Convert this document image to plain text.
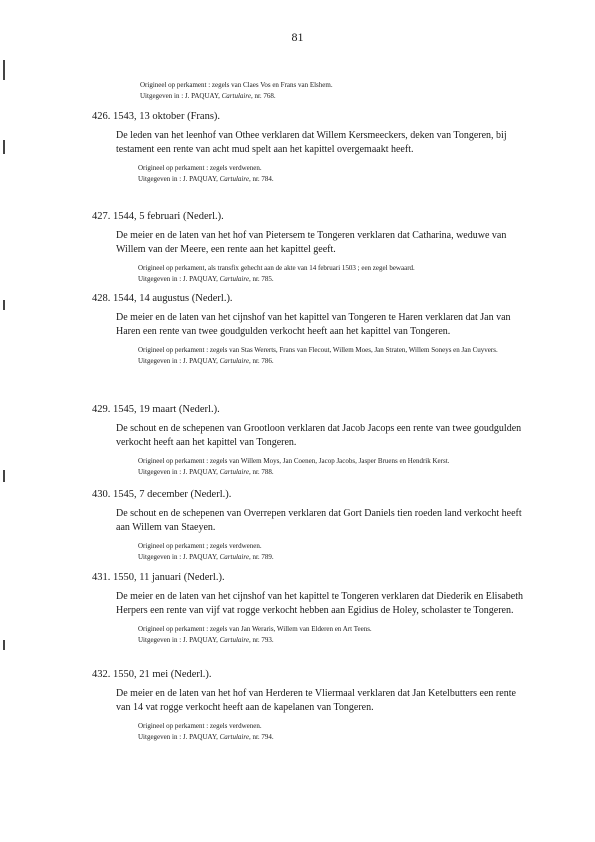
81
Origineel op perkament : zegels van Claes Vos en Frans van Elshem.
Uitgegeven in : J. PAQUAY, Cartulaire, nr. 768.
426. 1543, 13 oktober (Frans).
De leden van het leenhof van Othee verklaren dat Willem Kersmeeckers, deken van Tongeren, bij testament een rente van acht mud spelt aan het kapittel overgemaakt heeft.
Origineel op perkament : zegels verdwenen.
Uitgegeven in : J. PAQUAY, Cartulaire, nr. 784.
427. 1544, 5 februari (Nederl.).
De meier en de laten van het hof van Pietersem te Tongeren verklaren dat Catharina, weduwe van Willem van der Meere, een rente aan het kapittel geeft.
Origineel op perkament, als transfix gehecht aan de akte van 14 februari 1503 ; een zegel bewaard.
Uitgegeven in : J. PAQUAY, Cartulaire, nr. 785.
428. 1544, 14 augustus (Nederl.).
De meier en de laten van het cijnshof van het kapittel van Tongeren te Haren verklaren dat Jan van Haren een rente van twee goudgulden verkocht heeft aan het kapittel van Tongeren.
Origineel op perkament : zegels van Stas Wererts, Frans van Flecout, Willem Moes, Jan Straten, Willem Soneys en Jan Cuyvers.
Uitgegeven in : J. PAQUAY, Cartulaire, nr. 786.
429. 1545, 19 maart (Nederl.).
De schout en de schepenen van Grootloon verklaren dat Jacob Jacops een rente van twee goudgulden verkocht heeft aan het kapittel van Tongeren.
Origineel op perkament : zegels van Willem Moys, Jan Coenen, Jacop Jacobs, Jasper Bruens en Hendrik Kerst.
Uitgegeven in : J. PAQUAY, Cartulaire, nr. 788.
430. 1545, 7 december (Nederl.).
De schout en de schepenen van Overrepen verklaren dat Gort Daniels tien roeden land verkocht heeft aan Willem van Staeyen.
Origineel op perkament ; zegels verdwenen.
Uitgegeven in : J. PAQUAY, Cartulaire, nr. 789.
431. 1550, 11 januari (Nederl.).
De meier en de laten van het cijnshof van het kapittel te Tongeren verklaren dat Diederik en Elisabeth Herpers een rente van vijf vat rogge verkocht hebben aan Egidius de Holey, scholaster te Tongeren.
Origineel op perkament : zegels van Jan Weraris, Willem van Elderen en Art Teens.
Uitgegeven in : J. PAQUAY, Cartulaire, nr. 793.
432. 1550, 21 mei (Nederl.).
De meier en de laten van het hof van Herderen te Vliermaal verklaren dat Jan Ketelbutters een rente van 14 vat rogge verkocht heeft aan de kapelanen van Tongeren.
Origineel op perkament : zegels verdwenen.
Uitgegeven in : J. PAQUAY, Cartulaire, nr. 794.
